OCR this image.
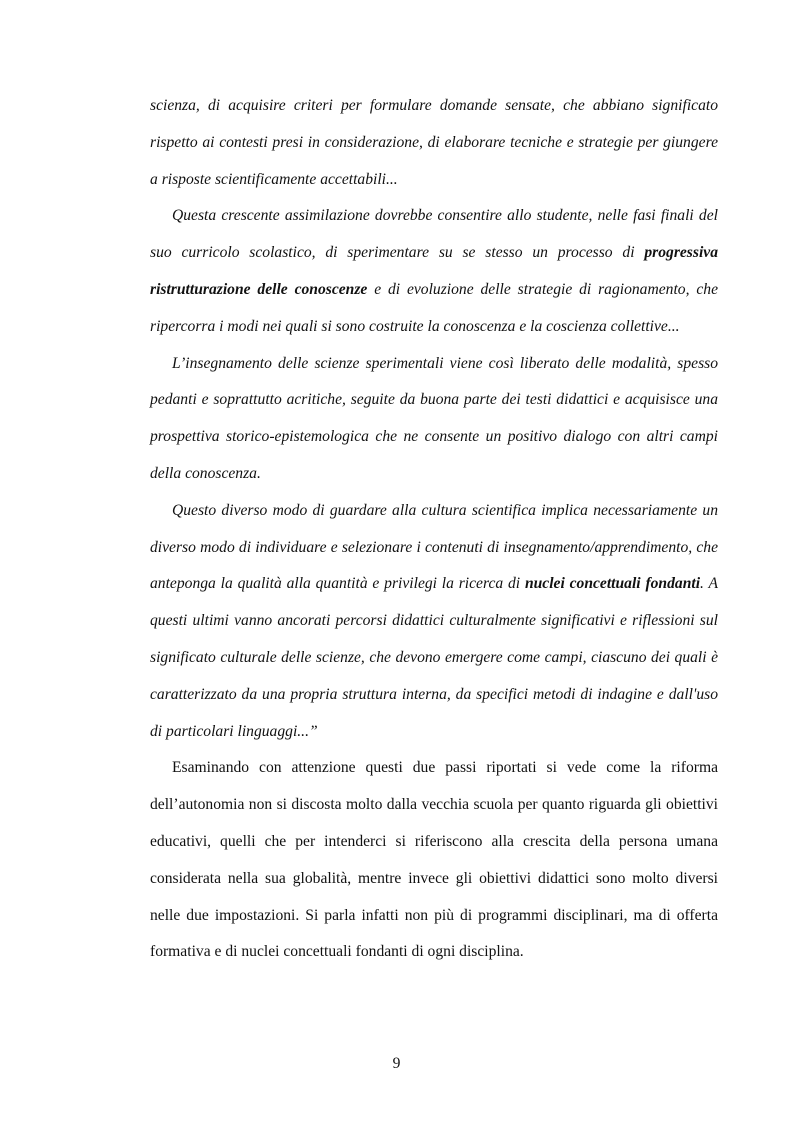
scienza, di acquisire criteri per formulare domande sensate, che abbiano significato rispetto ai contesti presi in considerazione, di elaborare tecniche e strategie per giungere a risposte scientificamente accettabili...

Questa crescente assimilazione dovrebbe consentire allo studente, nelle fasi finali del suo curricolo scolastico, di sperimentare su se stesso un processo di progressiva ristrutturazione delle conoscenze e di evoluzione delle strategie di ragionamento, che ripercorra i modi nei quali si sono costruite la conoscenza e la coscienza collettive...

L’insegnamento delle scienze sperimentali viene così liberato delle modalità, spesso pedanti e soprattutto acritiche, seguite da buona parte dei testi didattici e acquisisce una prospettiva storico-epistemologica che ne consente un positivo dialogo con altri campi della conoscenza.

Questo diverso modo di guardare alla cultura scientifica implica necessariamente un diverso modo di individuare e selezionare i contenuti di insegnamento/apprendimento, che anteponga la qualità alla quantità e privilegi la ricerca di nuclei concettuali fondanti. A questi ultimi vanno ancorati percorsi didattici culturalmente significativi e riflessioni sul significato culturale delle scienze, che devono emergere come campi, ciascuno dei quali è caratterizzato da una propria struttura interna, da specifici metodi di indagine e dall'uso di particolari linguaggi...”

Esaminando con attenzione questi due passi riportati si vede come la riforma dell’autonomia non si discosta molto dalla vecchia scuola per quanto riguarda gli obiettivi educativi, quelli che per intenderci si riferiscono alla crescita della persona umana considerata nella sua globalità, mentre invece gli obiettivi didattici sono molto diversi nelle due impostazioni. Si parla infatti non più di programmi disciplinari, ma di offerta formativa e di nuclei concettuali fondanti di ogni disciplina.

9
